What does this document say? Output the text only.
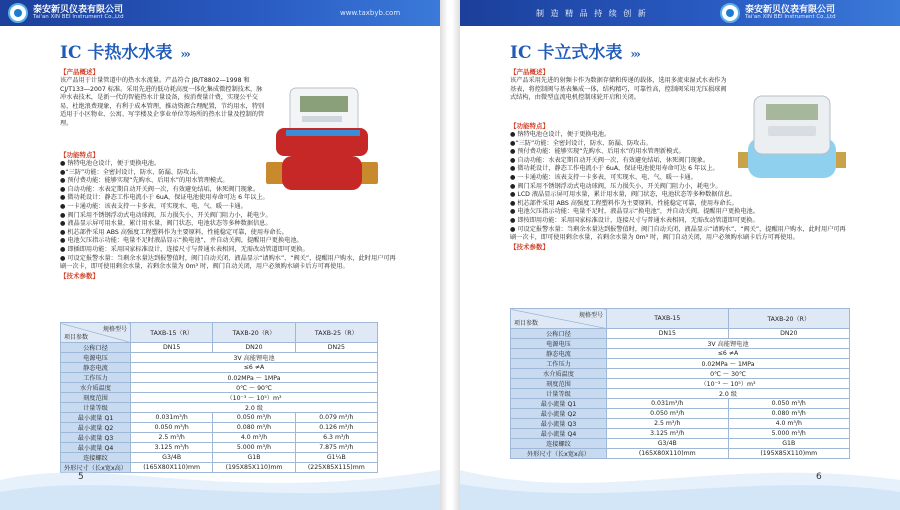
泰安新贝仪表有限公司
Tai'an XIN BEI Instrument Co.,Ltd	www.taxbyb.com
IC 卡热水水表 ›››
【产品概述】

该产品用于计量管道中的热水水流量。产品符合 JB/T8802—1998 和 CJ/T133—2007 标准。采用先进的低功耗高度一体化集成微控制技术，脉冲水表技术，是新一代的智能热水计量设备，按消费量计费，实现公平交易，杜绝浪费现象，有利于成本管理，推动资源合理配置，节约用水，特别适用于小区物业、公寓、写字楼及企事业单位等场所的热水计量及控制的管理。

【功能特点】

● 钠特电池仓设计，便于更换电池。

●“三防”功能：全密封设计，防水、防漏、防攻击。

● 预付费功能：能够实现“先购水、后用水”的用水管理模式。

● 自动功能：水表定期自动开关阀一次，有效避免结垢，休死阀门现象。

● 微功耗设计：静态工作电流小于 6uA，保证电池使用寿命可达 6 年以上。

● 一卡通功能：该表支持一卡多表，可实现水、电、气、暖一卡通。

● 阀门采用不锈钢浮动式电动球阀，压力损失小，开关阀门阻力小，耗电少。

● 液晶显示屏可用水量，累计用水量，阀门状态，电池状态等多种数据信息。

● 机芯部件采用 ABS 高强度工程塑料作为主要原料，性能稳定可靠，使用寿命长。

● 电池欠压指示功能：电量不足时液晶显示“换电池”，并自动关阀，提醒用户更换电池。

● 即插即用功能：采用国家标准设计，连接尺寸与普通水表相同，无需改动管道即可更换。

● 可设定报警水量：当剩余水量达到报警值时，阀门自动关闭，液晶显示“请购水”、“阀关”，提醒用户购水，此时用户可再刷一次卡，即可使用剩余水量，若剩余水量为 0m³ 时，阀门自动关闭，用户必须购水刷卡后方可再使用。

【技术参数】
规格型号
项目参数	TAXB-15（R）	TAXB-20（R）	TAXB-25（R）
公称口径	DN15	DN20	DN25
电源电压	3V 高能锂电池		
静态电流	≤6 ≠A		
工作压力	0.02MPa ～ 1MPa		
水介质温度	0℃ ～ 90℃		
刻度范围	（10⁻³ ～ 10⁵）m³		
计量等级	2.0 级		
最小流量 Q1	0.031m³/h	0.050 m³/h	0.079 m³/h
最小流量 Q2	0.050 m³/h	0.080 m³/h	0.126 m³/h
最小流量 Q3	2.5 m³/h	4.0 m³/h	6.3 m³/h
最小流量 Q4	3.125 m³/h	5.000 m³/h	7.875 m³/h
连接螺纹	G3/4B	G1B	G1¹⁄₄B
外形尺寸（长x宽x高）	(165X80X110)mm	(195X85X110)mm	(225X85X115)mm
5
制 造 精 品 持 续 创 新	泰安新贝仪表有限公司
Tai'an XIN BEI Instrument Co.,Ltd
IC 卡立式水表 ›››
【产品概述】

该产品采用先进的射频卡作为数据存储和传递的载体，选用多流束湿式水表作为基表，将控制阀与基表集成一体，结构精巧，可靠性高，控制阀采用无压损球阀式结构，由微型直流电机控制球轮开启和关闭。

【功能特点】

● 钠特电池仓设计，便于更换电池。

●“三防”功能：全密封设计，防水、防漏、防攻击。

● 预付费功能：能够实现“先购水、后用水”的用水管理新模式。

● 自动功能：水表定期自动开关阀一次，有效避免结垢，休死阀门现象。

● 微功耗设计，静态工作电流小于 6uA，保证电池使用寿命可达 6 年以上。

● 一卡通功能：该表支持一卡多表，可实现水、电、气、暖一卡通。

● 阀门采用不锈钢浮动式电动球阀，压力损失小，开关阀门阻力小，耗电少。

● LCD 液晶显示屏可用水量，累计用水量，阀门状态，电池状态等多种数据信息。

● 机芯部件采用 ABS 高强度工程塑料作为主要原料，性能稳定可靠，使用寿命长。

● 电池欠压指示功能：电量不足时，液晶显示“换电池”，并自动关阀，提醒用户更换电池。

● 即按即用功能：采用国家标准设计，连接尺寸与普通水表相同，无需改动管道即可更换。

● 可设定报警水量：当剩余水量达到报警值时，阀门自动关闭，液晶显示“请购水”、“阀关”，提醒用户购水，此时用户可再刷一次卡，即可使用剩余水量，若剩余水量为 0m³ 时，阀门自动关闭，用户必须购水刷卡后方可再使用。

【技术参数】
规格型号
项目参数	TAXB-15	TAXB-20（R）
公称口径	DN15	DN20
电源电压	3V 高能锂电池	
静态电流	≤6 ≠A	
工作压力	0.02MPa ～ 1MPa	
水介质温度	0℃ ～ 30℃	
刻度范围	（10⁻³ ～ 10⁵）m³	
计量等级	2.0 级	
最小流量 Q1	0.031m³/h	0.050 m³/h
最小流量 Q2	0.050 m³/h	0.080 m³/h
最小流量 Q3	2.5 m³/h	4.0 m³/h
最小流量 Q4	3.125 m³/h	5.000 m³/h
连接螺纹	G3/4B	G1B
外形尺寸（长x宽x高）	(165X80X110)mm	(195X85X110)mm
6
